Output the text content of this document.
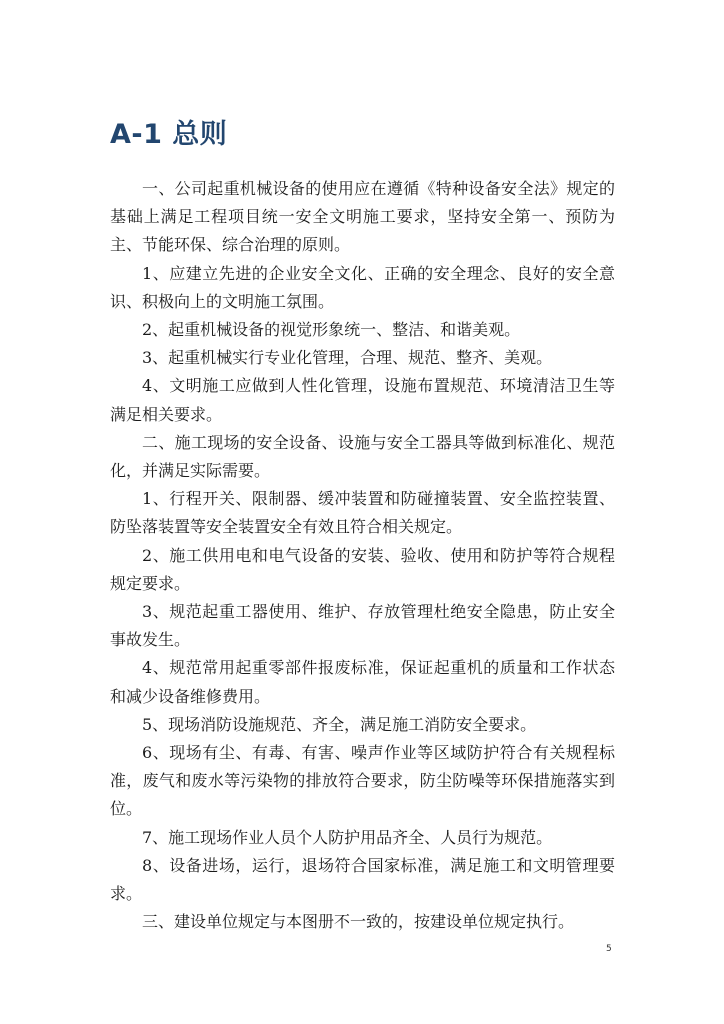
A-1 总则

一、公司起重机械设备的使用应在遵循《特种设备安全法》规定的基础上满足工程项目统一安全文明施工要求，坚持安全第一、预防为主、节能环保、综合治理的原则。

1、应建立先进的企业安全文化、正确的安全理念、良好的安全意识、积极向上的文明施工氛围。

2、起重机械设备的视觉形象统一、整洁、和谐美观。

3、起重机械实行专业化管理，合理、规范、整齐、美观。

4、文明施工应做到人性化管理，设施布置规范、环境清洁卫生等满足相关要求。

二、施工现场的安全设备、设施与安全工器具等做到标准化、规范化，并满足实际需要。

1、行程开关、限制器、缓冲装置和防碰撞装置、安全监控装置、防坠落装置等安全装置安全有效且符合相关规定。

2、施工供用电和电气设备的安装、验收、使用和防护等符合规程规定要求。

3、规范起重工器使用、维护、存放管理杜绝安全隐患，防止安全事故发生。

4、规范常用起重零部件报废标准，保证起重机的质量和工作状态和减少设备维修费用。

5、现场消防设施规范、齐全，满足施工消防安全要求。

6、现场有尘、有毒、有害、噪声作业等区域防护符合有关规程标准，废气和废水等污染物的排放符合要求，防尘防噪等环保措施落实到位。

7、施工现场作业人员个人防护用品齐全、人员行为规范。

8、设备进场，运行，退场符合国家标准，满足施工和文明管理要求。

三、建设单位规定与本图册不一致的，按建设单位规定执行。

5
